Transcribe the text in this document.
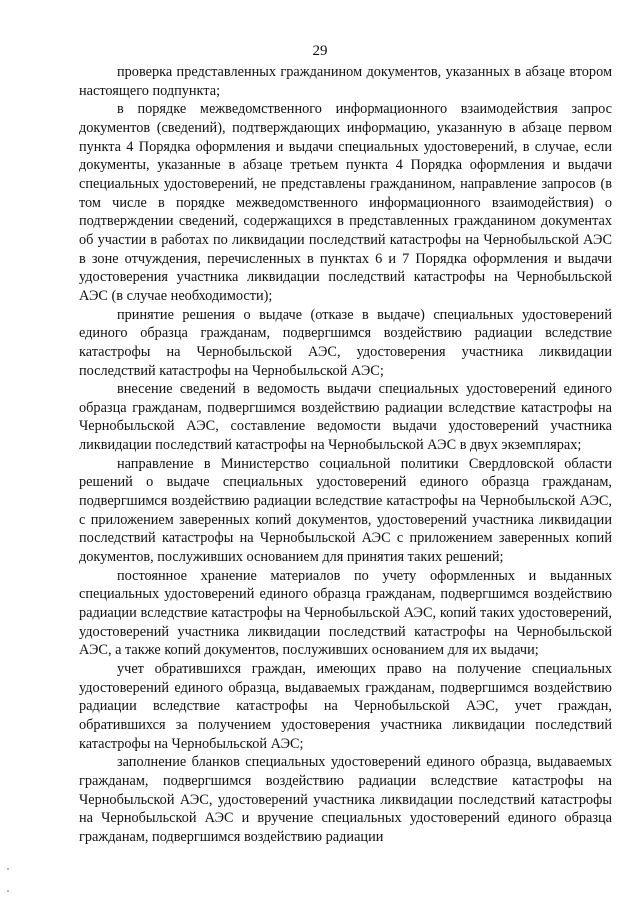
29

проверка представленных гражданином документов, указанных в абзаце втором настоящего подпункта;

в порядке межведомственного информационного взаимодействия запрос документов (сведений), подтверждающих информацию, указанную в абзаце первом пункта 4 Порядка оформления и выдачи специальных удостоверений, в случае, если документы, указанные в абзаце третьем пункта 4 Порядка оформления и выдачи специальных удостоверений, не представлены гражданином, направление запросов (в том числе в порядке межведомственного информационного взаимодействия) о подтверждении сведений, содержащихся в представленных гражданином документах об участии в работах по ликвидации последствий катастрофы на Чернобыльской АЭС в зоне отчуждения, перечисленных в пунктах 6 и 7 Порядка оформления и выдачи удостоверения участника ликвидации последствий катастрофы на Чернобыльской АЭС (в случае необходимости);

принятие решения о выдаче (отказе в выдаче) специальных удостоверений единого образца гражданам, подвергшимся воздействию радиации вследствие катастрофы на Чернобыльской АЭС, удостоверения участника ликвидации последствий катастрофы на Чернобыльской АЭС;

внесение сведений в ведомость выдачи специальных удостоверений единого образца гражданам, подвергшимся воздействию радиации вследствие катастрофы на Чернобыльской АЭС, составление ведомости выдачи удостоверений участника ликвидации последствий катастрофы на Чернобыльской АЭС в двух экземплярах;

направление в Министерство социальной политики Свердловской области решений о выдаче специальных удостоверений единого образца гражданам, подвергшимся воздействию радиации вследствие катастрофы на Чернобыльской АЭС, с приложением заверенных копий документов, удостоверений участника ликвидации последствий катастрофы на Чернобыльской АЭС с приложением заверенных копий документов, послуживших основанием для принятия таких решений;

постоянное хранение материалов по учету оформленных и выданных специальных удостоверений единого образца гражданам, подвергшимся воздействию радиации вследствие катастрофы на Чернобыльской АЭС, копий таких удостоверений, удостоверений участника ликвидации последствий катастрофы на Чернобыльской АЭС, а также копий документов, послуживших основанием для их выдачи;

учет обратившихся граждан, имеющих право на получение специальных удостоверений единого образца, выдаваемых гражданам, подвергшимся воздействию радиации вследствие катастрофы на Чернобыльской АЭС, учет граждан, обратившихся за получением удостоверения участника ликвидации последствий катастрофы на Чернобыльской АЭС;

заполнение бланков специальных удостоверений единого образца, выдаваемых гражданам, подвергшимся воздействию радиации вследствие катастрофы на Чернобыльской АЭС, удостоверений участника ликвидации последствий катастрофы на Чернобыльской АЭС и вручение специальных удостоверений единого образца гражданам, подвергшимся воздействию радиации
